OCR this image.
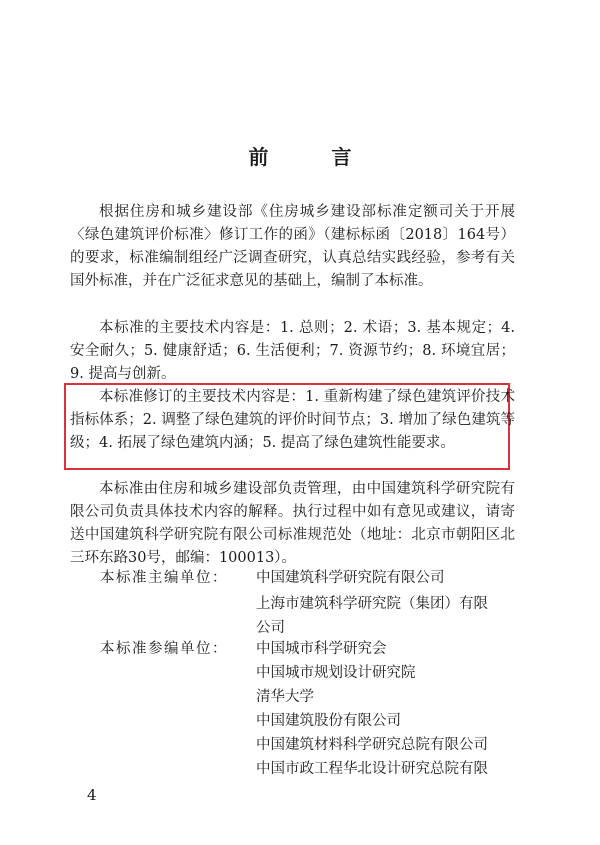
前 言
根据住房和城乡建设部《住房城乡建设部标准定额司关于开展〈绿色建筑评价标准〉修订工作的函》（建标标函〔2018〕164号）的要求，标准编制组经广泛调查研究，认真总结实践经验，参考有关国外标准，并在广泛征求意见的基础上，编制了本标准。
本标准的主要技术内容是：1. 总则；2. 术语；3. 基本规定；4. 安全耐久；5. 健康舒适；6. 生活便利；7. 资源节约；8. 环境宜居；9. 提高与创新。
本标准修订的主要技术内容是：1. 重新构建了绿色建筑评价技术指标体系；2. 调整了绿色建筑的评价时间节点；3. 增加了绿色建筑等级；4. 拓展了绿色建筑内涵；5. 提高了绿色建筑性能要求。
本标准由住房和城乡建设部负责管理，由中国建筑科学研究院有限公司负责具体技术内容的解释。执行过程中如有意见或建议，请寄送中国建筑科学研究院有限公司标准规范处（地址：北京市朝阳区北三环东路30号，邮编：100013）。
本标准主编单位： 中国建筑科学研究院有限公司
上海市建筑科学研究院（集团）有限
公司
本标准参编单位： 中国城市科学研究会
中国城市规划设计研究院
清华大学
中国建筑股份有限公司
中国建筑材料科学研究总院有限公司
中国市政工程华北设计研究总院有限
4
